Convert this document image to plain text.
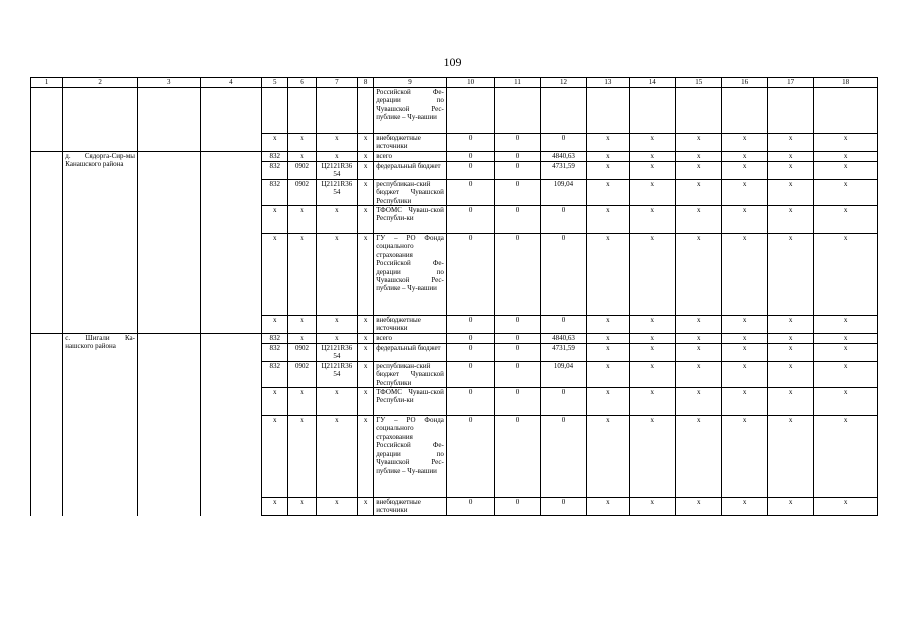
109
1	2	3	4	5	6	7	8	9	10	11	12	13	14	15	16	17	18
								Российской Фе-деpации по Чувашской Рес-публике – Чу-вашии									
				x	x	x	x	внебюджетные источники	0	0	0	x	x	x	x	x	x
	д. Сядорга-Сир-мы Канашского района			832	x	x	x	всего	0	0	4840,63	x	x	x	x	x	x
				832	0902	Ц2121R36 54	x	федеральный бюджет	0	0	4731,59	x	x	x	x	x	x
				832	0902	Ц2121R36 54	x	республикан-ский бюджет Чувашской Республики	0	0	109,04	x	x	x	x	x	x
				x	x	x	x	ТФОМС Чуваш-ской Республи-ки	0	0	0	x	x	x	x	x	x
				x	x	x	x	ГУ – РО Фонда социального страхования Российской Фе-дерации по Чувашской Рес-публике – Чу-вашии	0	0	0	x	x	x	x	x	x
				x	x	x	x	внебюджетные источники	0	0	0	x	x	x	x	x	x
	с. Шигали Ка-нашского района			832	x	x	x	всего	0	0	4840,63	x	x	x	x	x	x
				832	0902	Ц2121R36 54	x	федеральный бюджет	0	0	4731,59	x	x	x	x	x	x
				832	0902	Ц2121R36 54	x	республикан-ский бюджет Чувашской Республики	0	0	109,04	x	x	x	x	x	x
				x	x	x	x	ТФОМС Чуваш-ской Республи-ки	0	0	0	x	x	x	x	x	x
				x	x	x	x	ГУ – РО Фонда социального страхования Российской Фе-дерации по Чувашской Рес-публике – Чу-вашии	0	0	0	x	x	x	x	x	x
				x	x	x	x	внебюджетные источники	0	0	0	x	x	x	x	x	x
